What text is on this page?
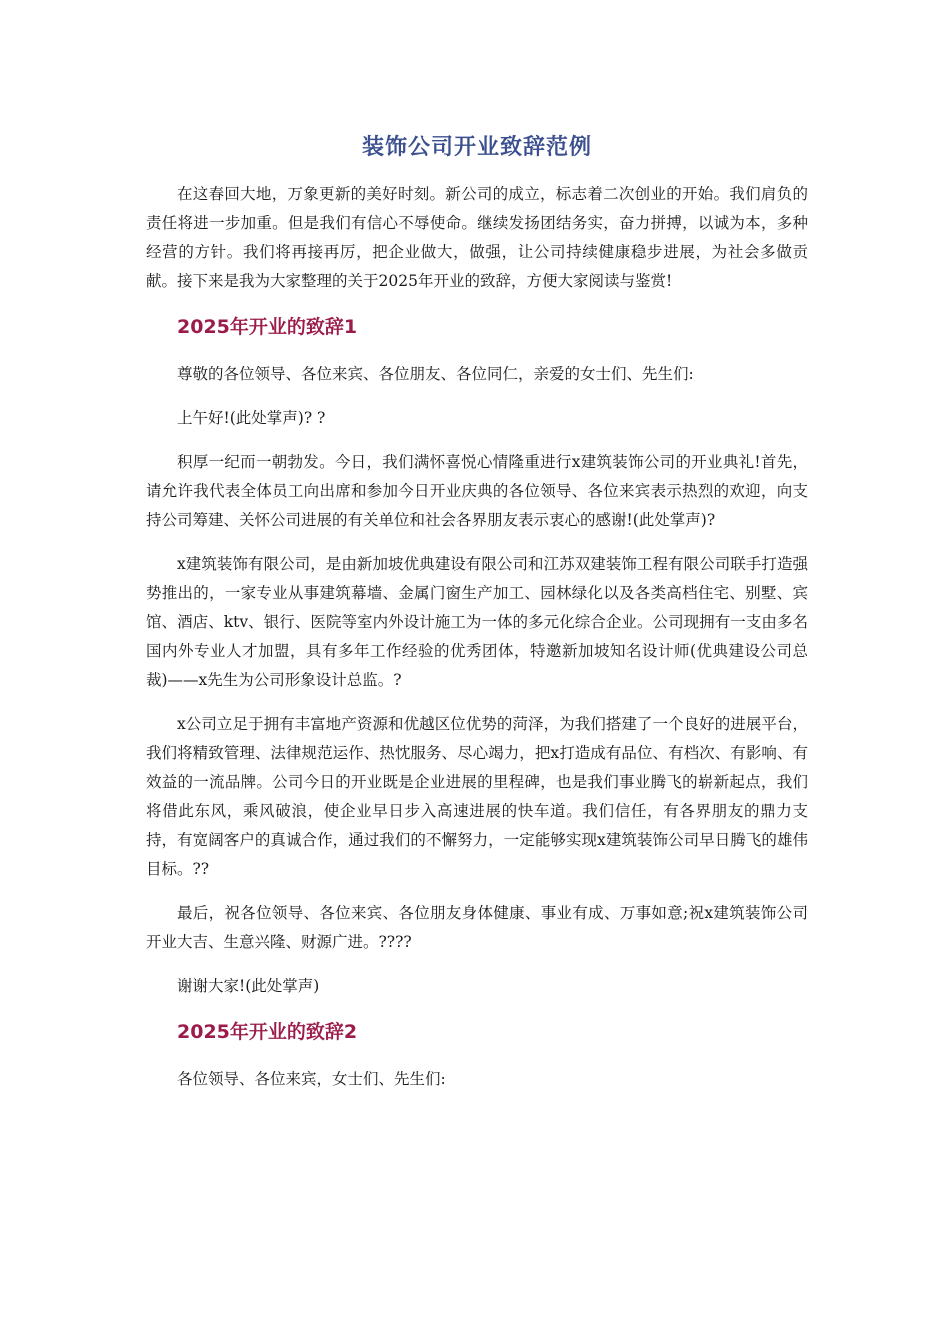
装饰公司开业致辞范例

在这春回大地，万象更新的美好时刻。新公司的成立，标志着二次创业的开始。我们肩负的责任将进一步加重。但是我们有信心不辱使命。继续发扬团结务实，奋力拼搏，以诚为本，多种经营的方针。我们将再接再厉，把企业做大，做强，让公司持续健康稳步进展，为社会多做贡献。接下来是我为大家整理的关于2025年开业的致辞，方便大家阅读与鉴赏!

2025年开业的致辞1

尊敬的各位领导、各位来宾、各位朋友、各位同仁，亲爱的女士们、先生们:

上午好!(此处掌声)? ?

积厚一纪而一朝勃发。今日，我们满怀喜悦心情隆重进行x建筑装饰公司的开业典礼!首先，请允许我代表全体员工向出席和参加今日开业庆典的各位领导、各位来宾表示热烈的欢迎，向支持公司筹建、关怀公司进展的有关单位和社会各界朋友表示衷心的感谢!(此处掌声)?

x建筑装饰有限公司，是由新加坡优典建设有限公司和江苏双建装饰工程有限公司联手打造强势推出的，一家专业从事建筑幕墙、金属门窗生产加工、园林绿化以及各类高档住宅、别墅、宾馆、酒店、ktv、银行、医院等室内外设计施工为一体的多元化综合企业。公司现拥有一支由多名国内外专业人才加盟，具有多年工作经验的优秀团体，特邀新加坡知名设计师(优典建设公司总裁)——x先生为公司形象设计总监。?

x公司立足于拥有丰富地产资源和优越区位优势的菏泽，为我们搭建了一个良好的进展平台，我们将精致管理、法律规范运作、热忱服务、尽心竭力，把x打造成有品位、有档次、有影响、有效益的一流品牌。公司今日的开业既是企业进展的里程碑，也是我们事业腾飞的崭新起点，我们将借此东风，乘风破浪，使企业早日步入高速进展的快车道。我们信任，有各界朋友的鼎力支持，有宽阔客户的真诚合作，通过我们的不懈努力，一定能够实现x建筑装饰公司早日腾飞的雄伟目标。??

最后，祝各位领导、各位来宾、各位朋友身体健康、事业有成、万事如意;祝x建筑装饰公司开业大吉、生意兴隆、财源广进。????

谢谢大家!(此处掌声)

2025年开业的致辞2

各位领导、各位来宾，女士们、先生们:
